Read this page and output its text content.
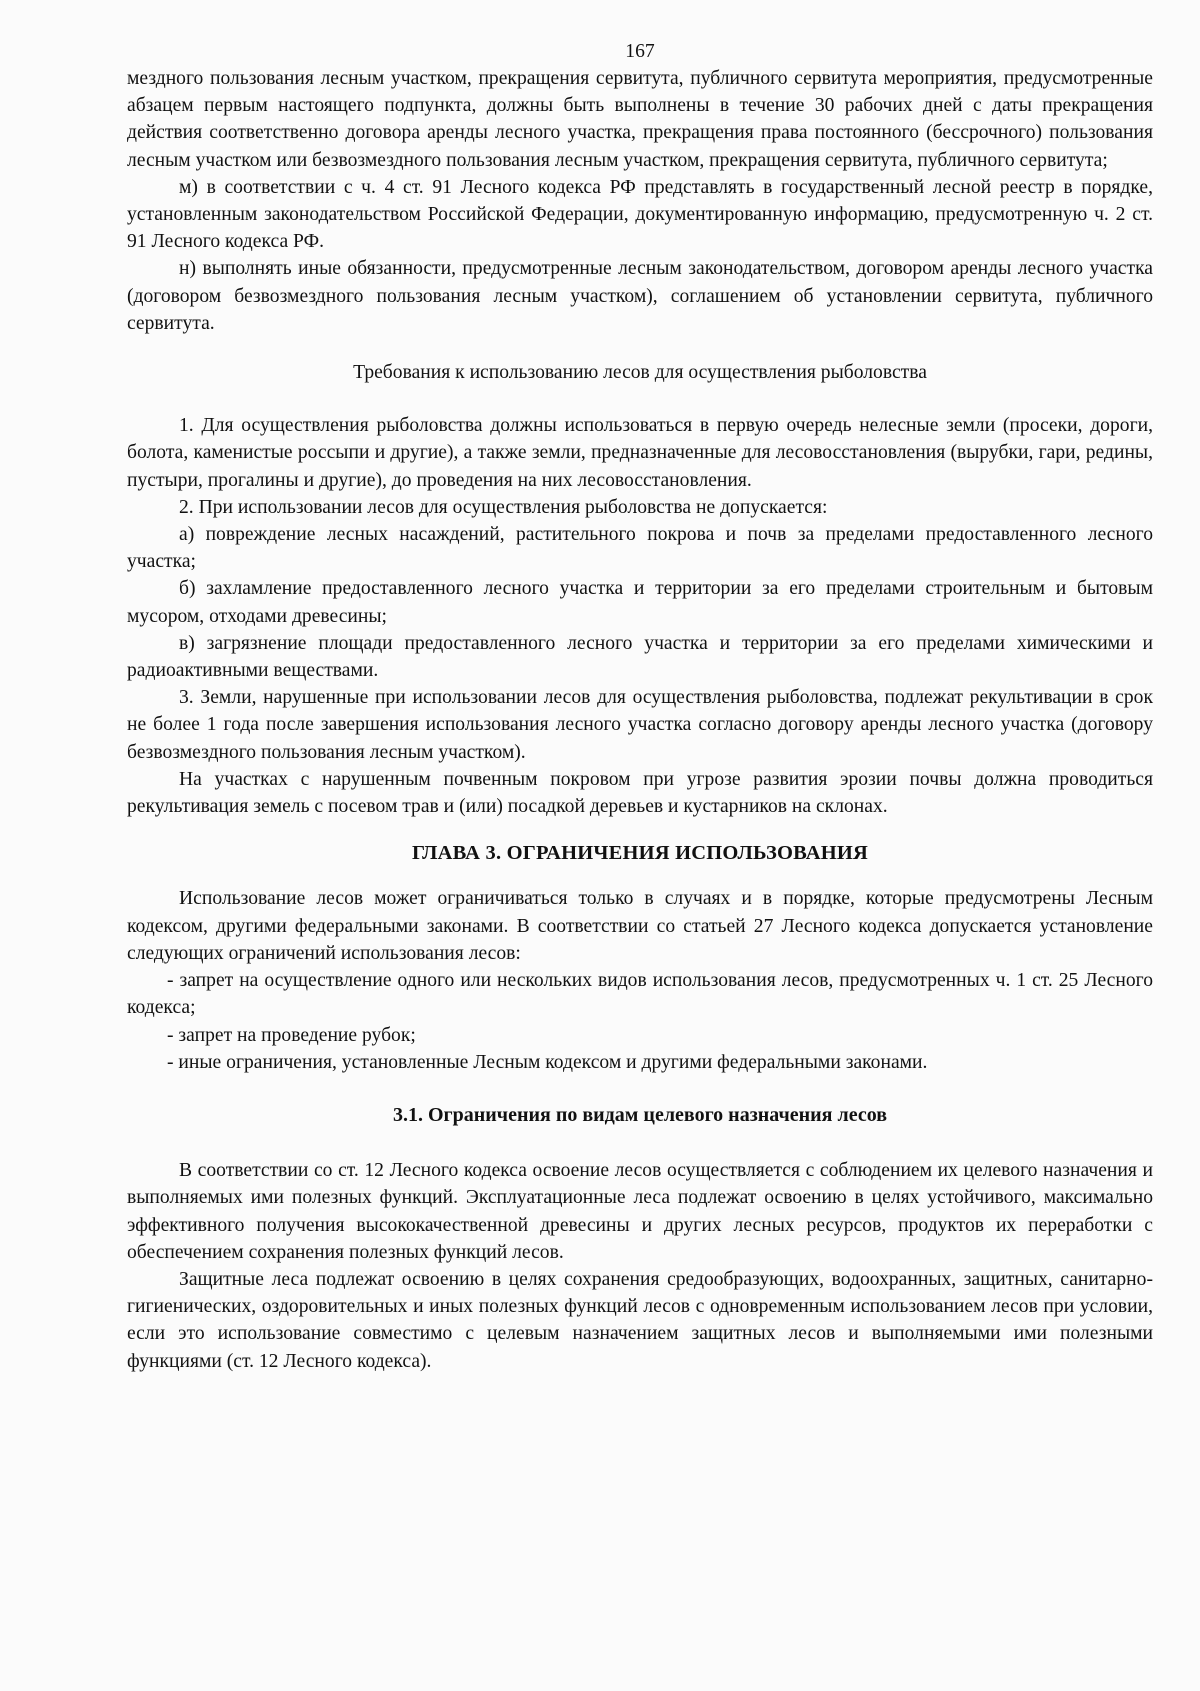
167

мездного пользования лесным участком, прекращения сервитута, публичного сервитута мероприятия, предусмотренные абзацем первым настоящего подпункта, должны быть выполнены в течение 30 рабочих дней с даты прекращения действия соответственно договора аренды лесного участка, прекращения права постоянного (бессрочного) пользования лесным участком или безвозмездного пользования лесным участком, прекращения сервитута, публичного сервитута;

м) в соответствии с ч. 4 ст. 91 Лесного кодекса РФ представлять в государственный лесной реестр в порядке, установленным законодательством Российской Федерации, документированную информацию, предусмотренную ч. 2 ст. 91 Лесного кодекса РФ.

н) выполнять иные обязанности, предусмотренные лесным законодательством, договором аренды лесного участка (договором безвозмездного пользования лесным участком), соглашением об установлении сервитута, публичного сервитута.

Требования к использованию лесов для осуществления рыболовства

1. Для осуществления рыболовства должны использоваться в первую очередь нелесные земли (просеки, дороги, болота, каменистые россыпи и другие), а также земли, предназначенные для лесовосстановления (вырубки, гари, редины, пустыри, прогалины и другие), до проведения на них лесовосстановления.

2. При использовании лесов для осуществления рыболовства не допускается:

а) повреждение лесных насаждений, растительного покрова и почв за пределами предоставленного лесного участка;

б) захламление предоставленного лесного участка и территории за его пределами строительным и бытовым мусором, отходами древесины;

в) загрязнение площади предоставленного лесного участка и территории за его пределами химическими и радиоактивными веществами.

3. Земли, нарушенные при использовании лесов для осуществления рыболовства, подлежат рекультивации в срок не более 1 года после завершения использования лесного участка согласно договору аренды лесного участка (договору безвозмездного пользования лесным участком).

На участках с нарушенным почвенным покровом при угрозе развития эрозии почвы должна проводиться рекультивация земель с посевом трав и (или) посадкой деревьев и кустарников на склонах.

ГЛАВА 3. ОГРАНИЧЕНИЯ ИСПОЛЬЗОВАНИЯ

Использование лесов может ограничиваться только в случаях и в порядке, которые предусмотрены Лесным кодексом, другими федеральными законами. В соответствии со статьей 27 Лесного кодекса допускается установление следующих ограничений использования лесов:

- запрет на осуществление одного или нескольких видов использования лесов, предусмотренных ч. 1 ст. 25 Лесного кодекса;

- запрет на проведение рубок;

- иные ограничения, установленные Лесным кодексом и другими федеральными законами.

3.1. Ограничения по видам целевого назначения лесов

В соответствии со ст. 12 Лесного кодекса освоение лесов осуществляется с соблюдением их целевого назначения и выполняемых ими полезных функций. Эксплуатационные леса подлежат освоению в целях устойчивого, максимально эффективного получения высококачественной древесины и других лесных ресурсов, продуктов их переработки с обеспечением сохранения полезных функций лесов.

Защитные леса подлежат освоению в целях сохранения средообразующих, водоохранных, защитных, санитарно-гигиенических, оздоровительных и иных полезных функций лесов с одновременным использованием лесов при условии, если это использование совместимо с целевым назначением защитных лесов и выполняемыми ими полезными функциями (ст. 12 Лесного кодекса).
